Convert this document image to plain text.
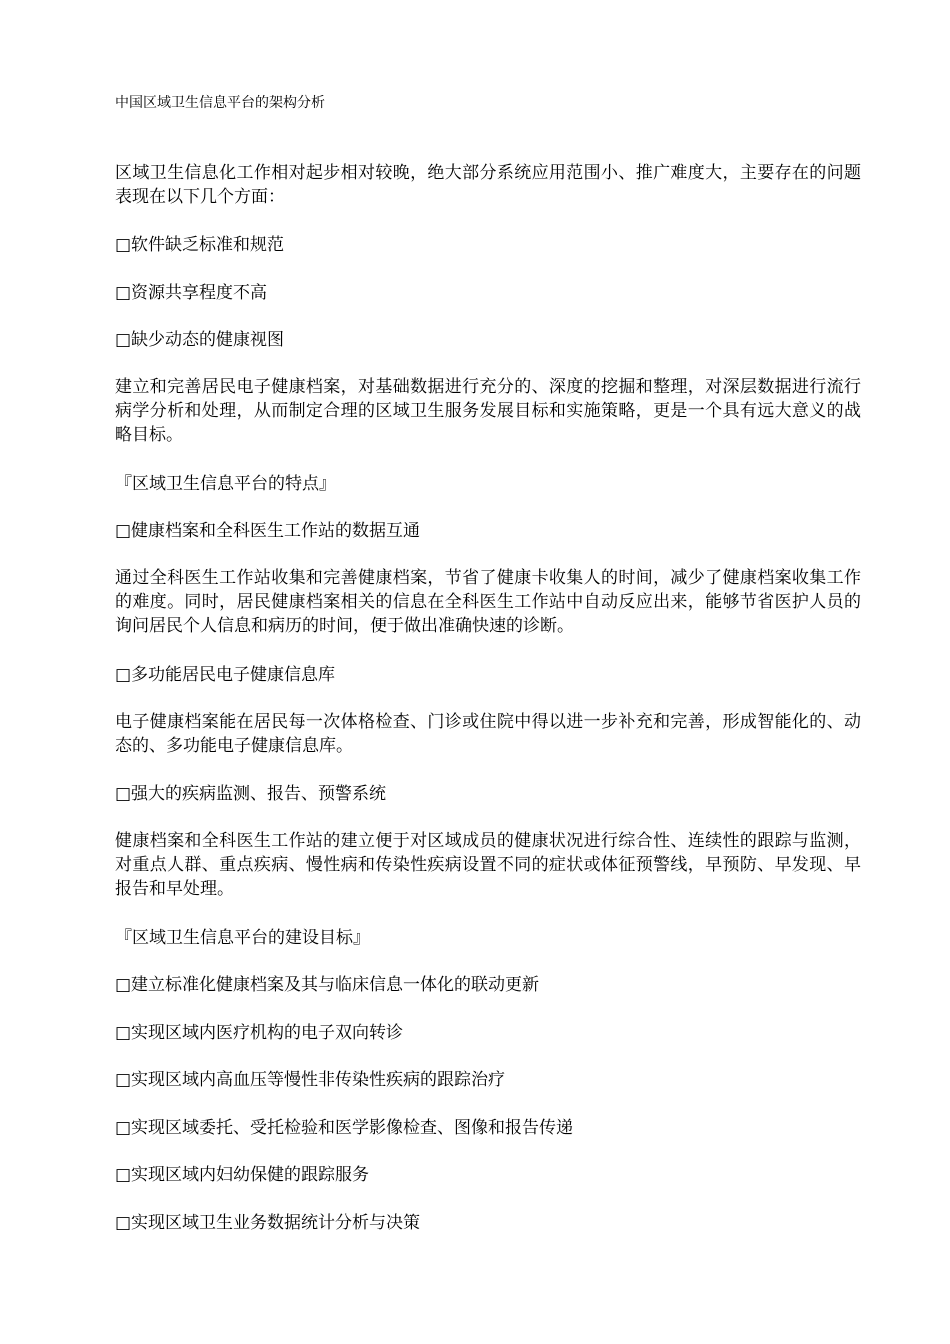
中国区域卫生信息平台的架构分析
区域卫生信息化工作相对起步相对较晚，绝大部分系统应用范围小、推广难度大，主要存在的问题表现在以下几个方面：
□软件缺乏标准和规范
□资源共享程度不高
□缺少动态的健康视图
建立和完善居民电子健康档案，对基础数据进行充分的、深度的挖掘和整理，对深层数据进行流行病学分析和处理，从而制定合理的区域卫生服务发展目标和实施策略，更是一个具有远大意义的战略目标。
『区域卫生信息平台的特点』
□健康档案和全科医生工作站的数据互通
通过全科医生工作站收集和完善健康档案，节省了健康卡收集人的时间，减少了健康档案收集工作的难度。同时，居民健康档案相关的信息在全科医生工作站中自动反应出来，能够节省医护人员的询问居民个人信息和病历的时间，便于做出准确快速的诊断。
□多功能居民电子健康信息库
电子健康档案能在居民每一次体格检查、门诊或住院中得以进一步补充和完善，形成智能化的、动态的、多功能电子健康信息库。
□强大的疾病监测、报告、预警系统
健康档案和全科医生工作站的建立便于对区域成员的健康状况进行综合性、连续性的跟踪与监测，对重点人群、重点疾病、慢性病和传染性疾病设置不同的症状或体征预警线，早预防、早发现、早报告和早处理。
『区域卫生信息平台的建设目标』
□建立标准化健康档案及其与临床信息一体化的联动更新
□实现区域内医疗机构的电子双向转诊
□实现区域内高血压等慢性非传染性疾病的跟踪治疗
□实现区域委托、受托检验和医学影像检查、图像和报告传递
□实现区域内妇幼保健的跟踪服务
□实现区域卫生业务数据统计分析与决策
